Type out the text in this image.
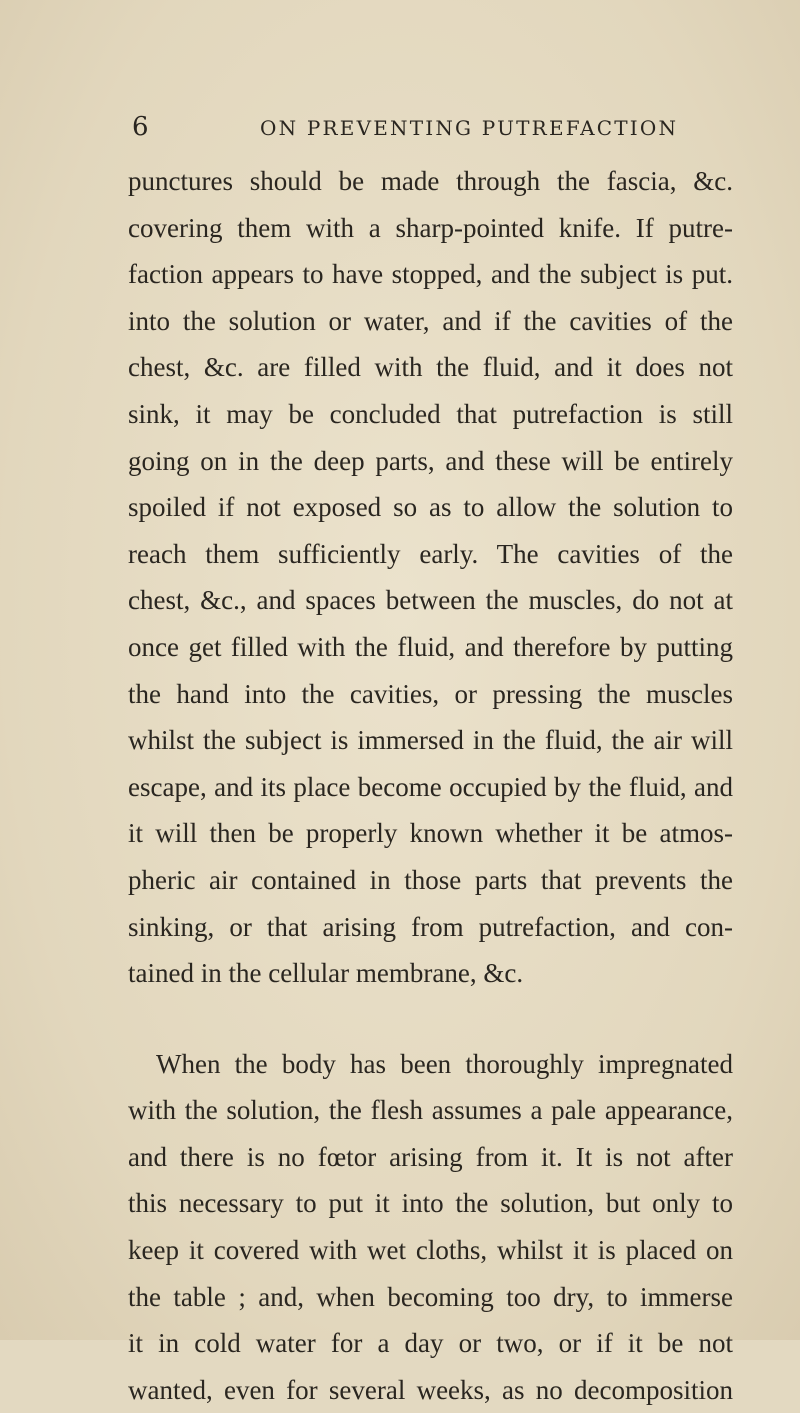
6	ON PREVENTING PUTREFACTION
punctures should be made through the fascia, &c.
covering them with a sharp-pointed knife. If putre-
faction appears to have stopped, and the subject is put.
into the solution or water, and if the cavities of the
chest, &c. are filled with the fluid, and it does not
sink, it may be concluded that putrefaction is still
going on in the deep parts, and these will be entirely
spoiled if not exposed so as to allow the solution to
reach them sufficiently early. The cavities of the
chest, &c., and spaces between the muscles, do not at
once get filled with the fluid, and therefore by putting
the hand into the cavities, or pressing the muscles
whilst the subject is immersed in the fluid, the air will
escape, and its place become occupied by the fluid, and
it will then be properly known whether it be atmos-
pheric air contained in those parts that prevents the
sinking, or that arising from putrefaction, and con-
tained in the cellular membrane, &c.
When the body has been thoroughly impregnated
with the solution, the flesh assumes a pale appearance,
and there is no fœtor arising from it. It is not after
this necessary to put it into the solution, but only to
keep it covered with wet cloths, whilst it is placed on
the table ; and, when becoming too dry, to immerse
it in cold water for a day or two, or if it be not
wanted, even for several weeks, as no decomposition
